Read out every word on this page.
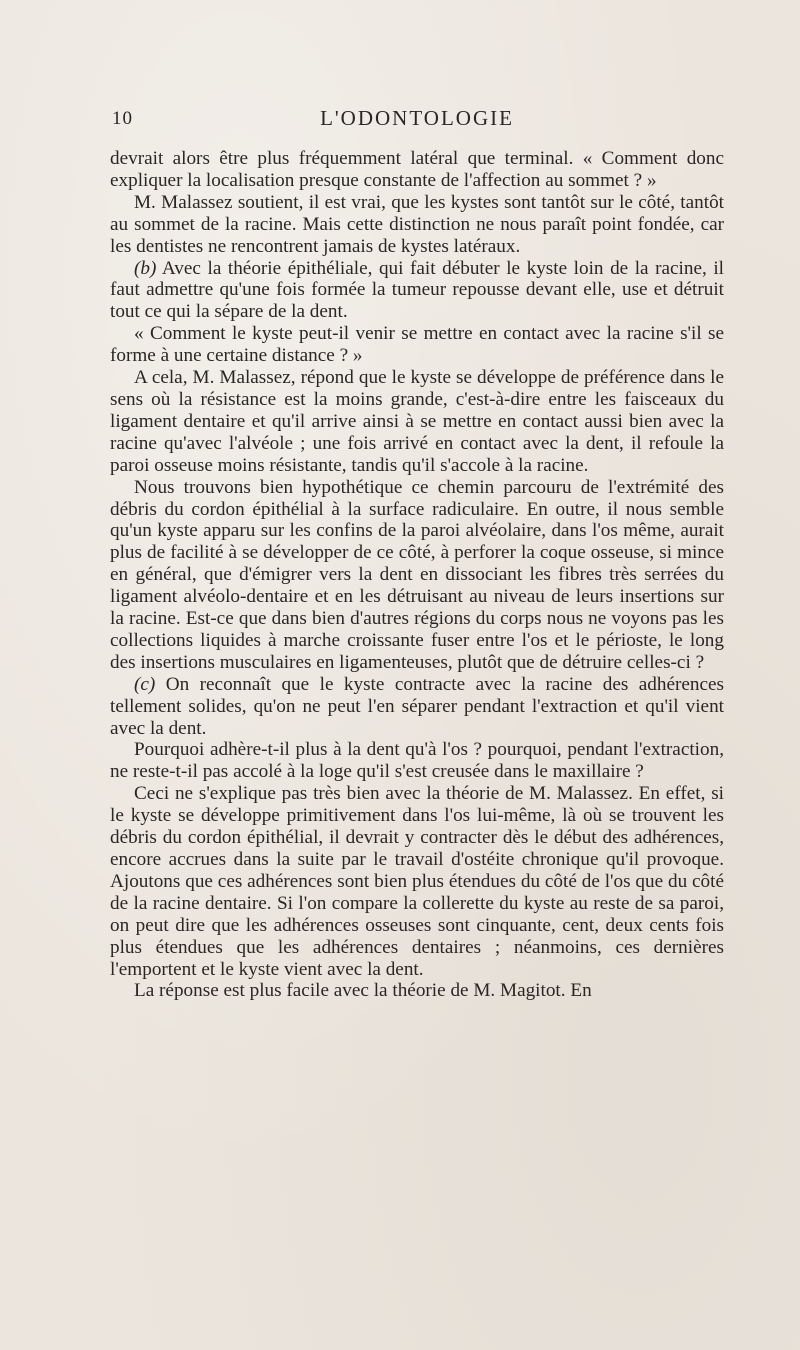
10	L'ODONTOLOGIE

devrait alors être plus fréquemment latéral que terminal. « Comment donc expliquer la localisation presque constante de l'affection au sommet ? »

M. Malassez soutient, il est vrai, que les kystes sont tantôt sur le côté, tantôt au sommet de la racine. Mais cette distinction ne nous paraît point fondée, car les dentistes ne rencontrent jamais de kystes latéraux.

(b) Avec la théorie épithéliale, qui fait débuter le kyste loin de la racine, il faut admettre qu'une fois formée la tumeur repousse devant elle, use et détruit tout ce qui la sépare de la dent.

« Comment le kyste peut-il venir se mettre en contact avec la racine s'il se forme à une certaine distance ? »

A cela, M. Malassez, répond que le kyste se développe de préférence dans le sens où la résistance est la moins grande, c'est-à-dire entre les faisceaux du ligament dentaire et qu'il arrive ainsi à se mettre en contact aussi bien avec la racine qu'avec l'alvéole ; une fois arrivé en contact avec la dent, il refoule la paroi osseuse moins résistante, tandis qu'il s'accole à la racine.

Nous trouvons bien hypothétique ce chemin parcouru de l'extrémité des débris du cordon épithélial à la surface radiculaire. En outre, il nous semble qu'un kyste apparu sur les confins de la paroi alvéolaire, dans l'os même, aurait plus de facilité à se développer de ce côté, à perforer la coque osseuse, si mince en général, que d'émigrer vers la dent en dissociant les fibres très serrées du ligament alvéolo-dentaire et en les détruisant au niveau de leurs insertions sur la racine. Est-ce que dans bien d'autres régions du corps nous ne voyons pas les collections liquides à marche croissante fuser entre l'os et le périoste, le long des insertions musculaires en ligamenteuses, plutôt que de détruire celles-ci ?

(c) On reconnaît que le kyste contracte avec la racine des adhérences tellement solides, qu'on ne peut l'en séparer pendant l'extraction et qu'il vient avec la dent.

Pourquoi adhère-t-il plus à la dent qu'à l'os ? pourquoi, pendant l'extraction, ne reste-t-il pas accolé à la loge qu'il s'est creusée dans le maxillaire ?

Ceci ne s'explique pas très bien avec la théorie de M. Malassez. En effet, si le kyste se développe primitivement dans l'os lui-même, là où se trouvent les débris du cordon épithélial, il devrait y contracter dès le début des adhérences, encore accrues dans la suite par le travail d'ostéite chronique qu'il provoque. Ajoutons que ces adhérences sont bien plus étendues du côté de l'os que du côté de la racine dentaire. Si l'on compare la collerette du kyste au reste de sa paroi, on peut dire que les adhérences osseuses sont cinquante, cent, deux cents fois plus étendues que les adhérences dentaires ; néanmoins, ces dernières l'emportent et le kyste vient avec la dent.

La réponse est plus facile avec la théorie de M. Magitot. En
